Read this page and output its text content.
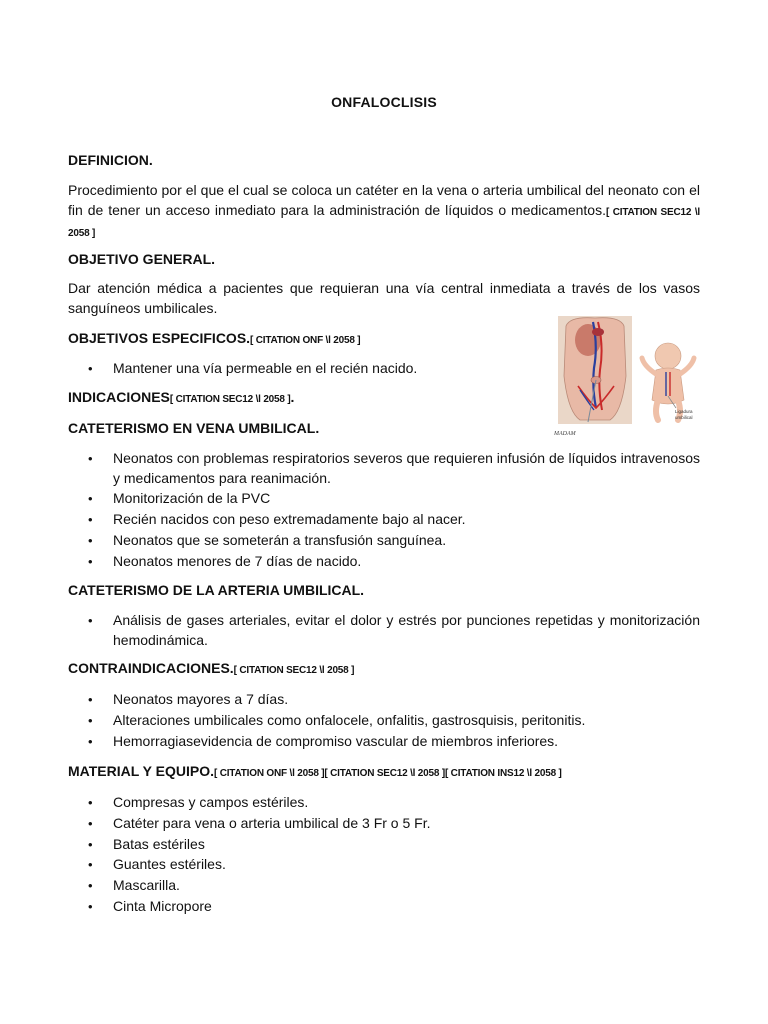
ONFALOCLISIS
DEFINICION.
Procedimiento por el que el cual se coloca un catéter en la vena o arteria umbilical del neonato con el fin de tener un acceso inmediato para la administración de líquidos o medicamentos.[ CITATION SEC12 \l 2058 ]
OBJETIVO GENERAL.
Dar atención médica a pacientes que requieran una vía central inmediata a través de los vasos sanguíneos umbilicales.
OBJETIVOS ESPECIFICOS.[ CITATION ONF \l 2058 ]
• Mantener una vía permeable en el recién nacido.
INDICACIONES[ CITATION SEC12 \l 2058 ].
Ligadura
umbilical
MADAM
CATETERISMO EN VENA UMBILICAL.
• Neonatos con problemas respiratorios severos que requieren infusión de líquidos intravenosos y medicamentos para reanimación.
• Monitorización de la PVC
• Recién nacidos con peso extremadamente bajo al nacer.
• Neonatos que se someterán a transfusión sanguínea.
• Neonatos menores de 7 días de nacido.
CATETERISMO DE LA ARTERIA UMBILICAL.
• Análisis de gases arteriales, evitar el dolor y estrés por punciones repetidas y monitorización hemodinámica.
CONTRAINDICACIONES.[ CITATION SEC12 \l 2058 ]
• Neonatos mayores a 7 días.
• Alteraciones umbilicales como onfalocele, onfalitis, gastrosquisis, peritonitis.
• Hemorragiasevidencia de compromiso vascular de miembros inferiores.
MATERIAL Y EQUIPO.[ CITATION ONF \l 2058 ][ CITATION SEC12 \l 2058 ][ CITATION INS12 \l 2058 ]
• Compresas y campos estériles.
• Catéter para vena o arteria umbilical de 3 Fr o 5 Fr.
• Batas estériles
• Guantes estériles.
• Mascarilla.
• Cinta Micropore
